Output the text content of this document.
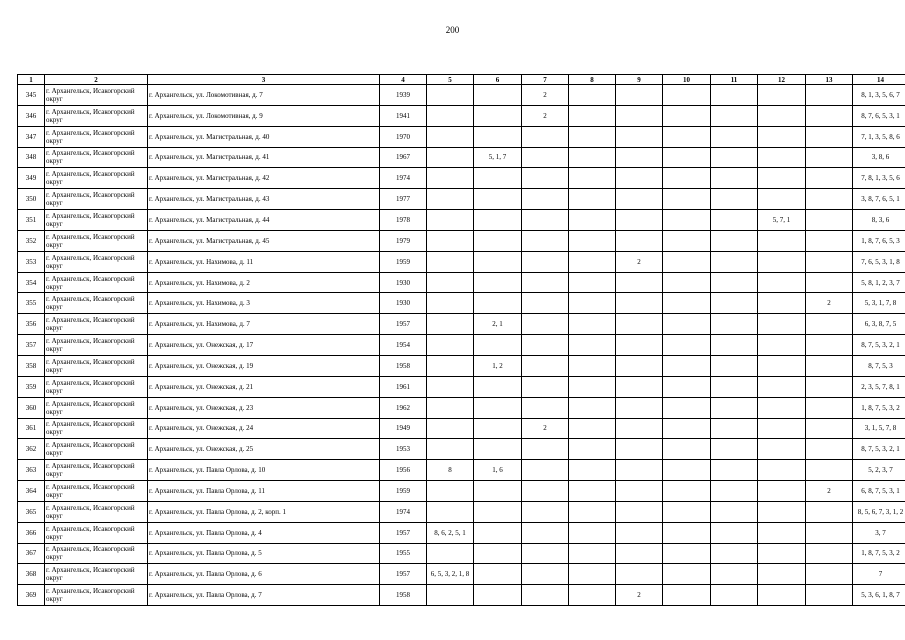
200
1	2	3	4	5	6	7	8	9	10	11	12	13	14
345	г. Архангельск, Исакогорский округ	г. Архангельск, ул. Локомотивная, д. 7	1939			2							8, 1, 3, 5, 6, 7
346	г. Архангельск, Исакогорский округ	г. Архангельск, ул. Локомотивная, д. 9	1941			2							8, 7, 6, 5, 3, 1
347	г. Архангельск, Исакогорский округ	г. Архангельск, ул. Магистральная, д. 40	1970										7, 1, 3, 5, 8, 6
348	г. Архангельск, Исакогорский округ	г. Архангельск, ул. Магистральная, д. 41	1967		5, 1, 7								3, 8, 6
349	г. Архангельск, Исакогорский округ	г. Архангельск, ул. Магистральная, д. 42	1974										7, 8, 1, 3, 5, 6
350	г. Архангельск, Исакогорский округ	г. Архангельск, ул. Магистральная, д. 43	1977										3, 8, 7, 6, 5, 1
351	г. Архангельск, Исакогорский округ	г. Архангельск, ул. Магистральная, д. 44	1978								5, 7, 1		8, 3, 6
352	г. Архангельск, Исакогорский округ	г. Архангельск, ул. Магистральная, д. 45	1979										1, 8, 7, 6, 5, 3
353	г. Архангельск, Исакогорский округ	г. Архангельск, ул. Нахимова, д. 11	1959					2					7, 6, 5, 3, 1, 8
354	г. Архангельск, Исакогорский округ	г. Архангельск, ул. Нахимова, д. 2	1930										5, 8, 1, 2, 3, 7
355	г. Архангельск, Исакогорский округ	г. Архангельск, ул. Нахимова, д. 3	1930									2	5, 3, 1, 7, 8
356	г. Архангельск, Исакогорский округ	г. Архангельск, ул. Нахимова, д. 7	1957		2, 1								6, 3, 8, 7, 5
357	г. Архангельск, Исакогорский округ	г. Архангельск, ул. Онежская, д. 17	1954										8, 7, 5, 3, 2, 1
358	г. Архангельск, Исакогорский округ	г. Архангельск, ул. Онежская, д. 19	1958		1, 2								8, 7, 5, 3
359	г. Архангельск, Исакогорский округ	г. Архангельск, ул. Онежская, д. 21	1961										2, 3, 5, 7, 8, 1
360	г. Архангельск, Исакогорский округ	г. Архангельск, ул. Онежская, д. 23	1962										1, 8, 7, 5, 3, 2
361	г. Архангельск, Исакогорский округ	г. Архангельск, ул. Онежская, д. 24	1949			2							3, 1, 5, 7, 8
362	г. Архангельск, Исакогорский округ	г. Архангельск, ул. Онежская, д. 25	1953										8, 7, 5, 3, 2, 1
363	г. Архангельск, Исакогорский округ	г. Архангельск, ул. Павла Орлова, д. 10	1956	8	1, 6								5, 2, 3, 7
364	г. Архангельск, Исакогорский округ	г. Архангельск, ул. Павла Орлова, д. 11	1959									2	6, 8, 7, 5, 3, 1
365	г. Архангельск, Исакогорский округ	г. Архангельск, ул. Павла Орлова, д. 2, корп. 1	1974										8, 5, 6, 7, 3, 1, 2
366	г. Архангельск, Исакогорский округ	г. Архангельск, ул. Павла Орлова, д. 4	1957	8, 6, 2, 5, 1									3, 7
367	г. Архангельск, Исакогорский округ	г. Архангельск, ул. Павла Орлова, д. 5	1955										1, 8, 7, 5, 3, 2
368	г. Архангельск, Исакогорский округ	г. Архангельск, ул. Павла Орлова, д. 6	1957	6, 5, 3, 2, 1, 8									7
369	г. Архангельск, Исакогорский округ	г. Архангельск, ул. Павла Орлова, д. 7	1958					2					5, 3, 6, 1, 8, 7
